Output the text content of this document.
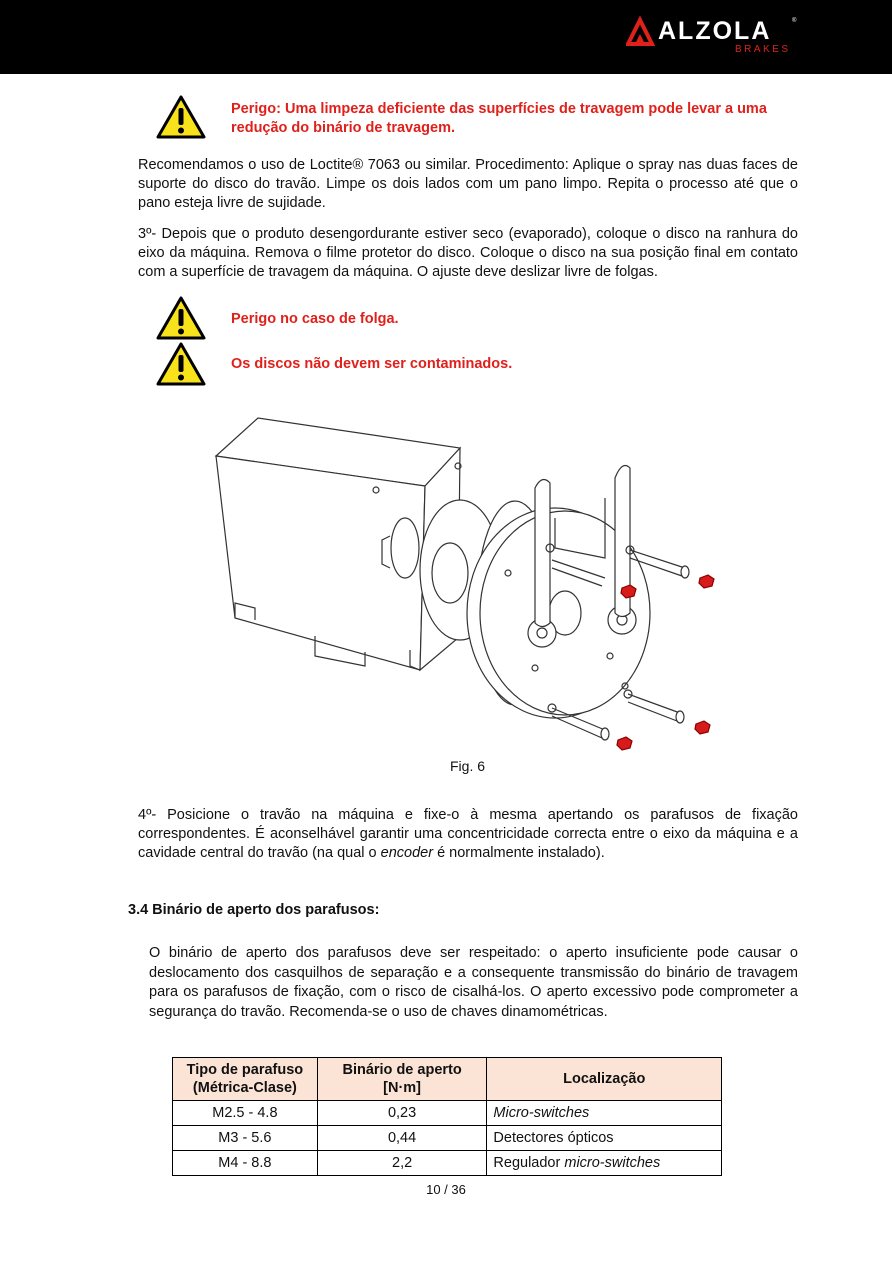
ALZOLA	®
BRAKES
Perigo: Uma limpeza deficiente das superfícies de travagem pode levar a uma redução do binário de travagem.
Recomendamos o uso de Loctite® 7063 ou similar. Procedimento: Aplique o spray nas duas faces de suporte do disco do travão. Limpe os dois lados com um pano limpo. Repita o processo até que o pano esteja livre de sujidade.
3º- Depois que o produto desengordurante estiver seco (evaporado), coloque o disco na ranhura do eixo da máquina. Remova o filme protetor do disco. Coloque o disco na sua posição final em contato com a superfície de travagem da máquina. O ajuste deve deslizar livre de folgas.
Perigo no caso de folga.
Os discos não devem ser contaminados.
Fig. 6
4º- Posicione o travão na máquina e fixe-o à mesma apertando os parafusos de fixação correspondentes. É aconselhável garantir uma concentricidade correcta entre o eixo da máquina e a cavidade central do travão (na qual o encoder é normalmente instalado).
3.4 Binário de aperto dos parafusos:
O binário de aperto dos parafusos deve ser respeitado: o aperto insuficiente pode causar o deslocamento dos casquilhos de separação e a consequente transmissão do binário de travagem para os parafusos de fixação, com o risco de cisalhá-los. O aperto excessivo pode comprometer a segurança do travão. Recomenda-se o uso de chaves dinamométricas.
Tipo de parafuso (Métrica-Clase)	Binário de aperto [N·m]	Localização
M2.5 - 4.8	0,23	Micro-switches
M3 - 5.6	0,44	Detectores ópticos
M4 - 8.8	2,2	Regulador micro-switches
10 / 36
